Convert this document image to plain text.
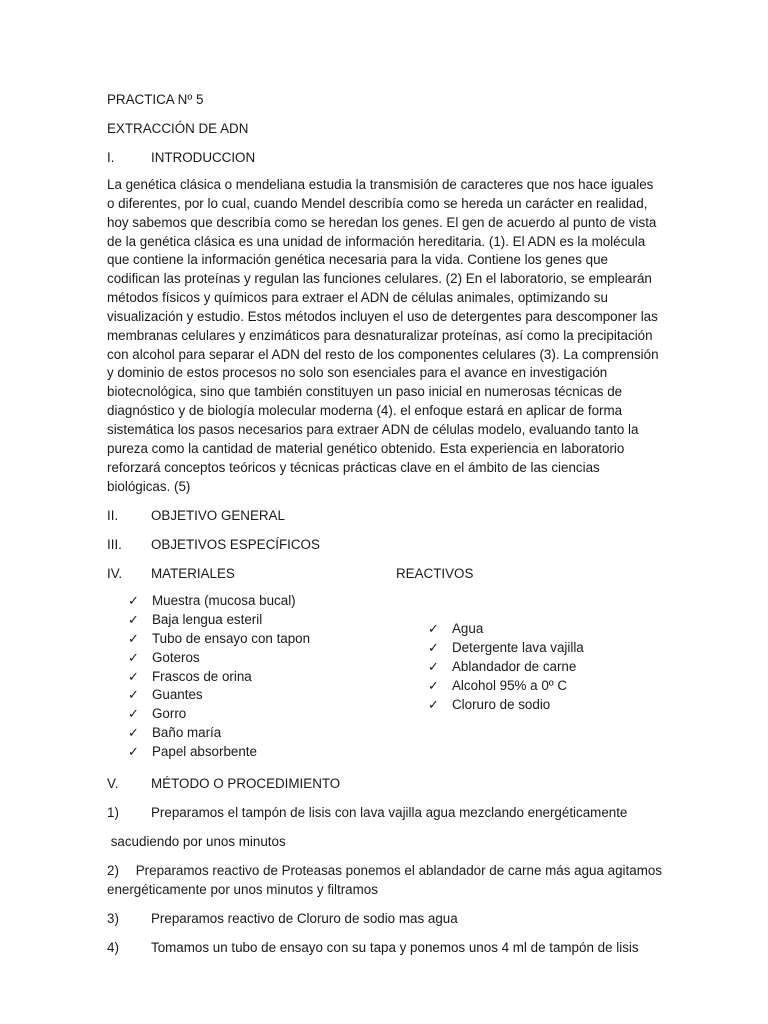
PRACTICA Nº 5

EXTRACCIÓN DE ADN

I.	INTRODUCCION

La genética clásica o mendeliana estudia la transmisión de caracteres que nos hace iguales o diferentes, por lo cual, cuando Mendel describía como se hereda un carácter en realidad, hoy sabemos que describía como se heredan los genes. El gen de acuerdo al punto de vista de la genética clásica es una unidad de información hereditaria. (1). El ADN es la molécula que contiene la información genética necesaria para la vida. Contiene los genes que codifican las proteínas y regulan las funciones celulares. (2) En el laboratorio, se emplearán métodos físicos y químicos para extraer el ADN de células animales, optimizando su visualización y estudio. Estos métodos incluyen el uso de detergentes para descomponer las membranas celulares y enzimáticos para desnaturalizar proteínas, así como la precipitación con alcohol para separar el ADN del resto de los componentes celulares (3). La comprensión y dominio de estos procesos no solo son esenciales para el avance en investigación biotecnológica, sino que también constituyen un paso inicial en numerosas técnicas de diagnóstico y de biología molecular moderna (4). el enfoque estará en aplicar de forma sistemática los pasos necesarios para extraer ADN de células modelo, evaluando tanto la pureza como la cantidad de material genético obtenido. Esta experiencia en laboratorio reforzará conceptos teóricos y técnicas prácticas clave en el ámbito de las ciencias biológicas. (5)

II.	OBJETIVO GENERAL
III.	OBJETIVOS ESPECÍFICOS
IV.	MATERIALES	REACTIVOS
✓ Muestra (mucosa bucal)
✓ Baja lengua esteril
✓ Tubo de ensayo con tapon
✓ Goteros
✓ Frascos de orina
✓ Guantes
✓ Gorro
✓ Baño maría
✓ Papel absorbente
✓ Agua
✓ Detergente lava vajilla
✓ Ablandador de carne
✓ Alcohol 95% a 0º C
✓ Cloruro de sodio
V.	MÉTODO O PROCEDIMIENTO
1)	Preparamos el tampón de lisis con lava vajilla agua mezclando energéticamente

sacudiendo por unos minutos

2)	Preparamos reactivo de Proteasas ponemos el ablandador de carne más agua agitamos

energéticamente por unos minutos y filtramos

3)	Preparamos reactivo de Cloruro de sodio mas agua
4)	Tomamos un tubo de ensayo con su tapa y ponemos unos 4 ml de tampón de lisis
